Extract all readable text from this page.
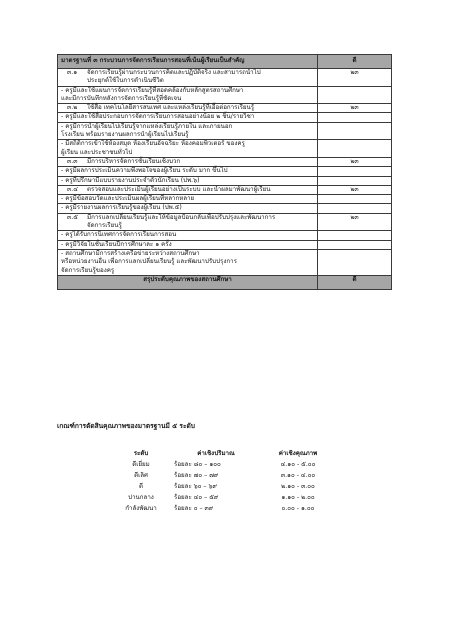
มาตรฐานที่ ๓ กระบวนการจัดการเรียนการสอนที่เน้นผู้เรียนเป็นสำคัญ	ดี

๓.๑ จัดการเรียนรู้ผ่านกระบวนการคิดและปฏิบัติจริง และสามารถนำไป
ประยุกต์ใช้ในการดำเนินชีวิต	๒๓

- ครูมีและใช้แผนการจัดการเรียนรู้ที่สอดคล้องกับหลักสูตรสถานศึกษา
และมีการบันทึกหลังการจัดการเรียนรู้ที่ชัดเจน	

๓.๒ ใช้สื่อ เทคโนโลยีสารสนเทศ และแหล่งเรียนรู้ที่เอื้อต่อการเรียนรู้	๒๓

- ครูมีและใช้สื่อประกอบการจัดการเรียนการสอนอย่างน้อย ๒ ชิ้น/รายวิชา	

- ครูมีการนำผู้เรียนไปเรียนรู้จากแหล่งเรียนรู้ภายใน และภายนอก
โรงเรียน พร้อมรายงานผลการนำผู้เรียนไปเรียนรู้	

- มีสถิติการเข้าใช้ห้องสมุด ห้องเรียนอัจฉริยะ ห้องคอมพิวเตอร์ ของครู
ผู้เรียน และประชาชนทั่วไป	

๓.๓ มีการบริหารจัดการชั้นเรียนเชิงบวก	๒๓

- ครูมีผลการประเมินความพึงพอใจของผู้เรียน ระดับ มาก ขึ้นไป	

- ครูที่ปรึกษามีแบบรายงานประจำตัวนักเรียน (ปพ.๖)	

๓.๔ ตรวจสอบและประเมินผู้เรียนอย่างเป็นระบบ และนำผลมาพัฒนาผู้เรียน	๒๓

- ครูมีข้อสอบวัดและประเมินผลผู้เรียนที่หลากหลาย	

- ครูมีรายงานผลการเรียนรู้ของผู้เรียน (ปพ.๕)	

๓.๕ มีการแลกเปลี่ยนเรียนรู้และให้ข้อมูลป้อนกลับเพื่อปรับปรุงและพัฒนาการ
จัดการเรียนรู้	๒๓

- ครูได้รับการนิเทศการจัดการเรียนการสอน	

- ครูมีวิจัยในชั้นเรียนปีการศึกษาละ ๑ ครั้ง	

- สถานศึกษามีการสร้างเครือข่ายระหว่างสถานศึกษา
หรือหน่วยงานอื่น เพื่อการแลกเปลี่ยนเรียนรู้ และพัฒนาปรับปรุงการ
จัดการเรียนรู้ของครู	

สรุประดับคุณภาพของสถานศึกษา	ดี
เกณฑ์การตัดสินคุณภาพของมาตรฐานมี ๕ ระดับ
ระดับ	ค่าเชิงปริมาณ	ค่าเชิงคุณภาพ
ดีเยี่ยม	ร้อยละ ๘๐ – ๑๐๐	๔.๑๐ - ๕.๐๐
ดีเลิศ	ร้อยละ ๗๐ – ๗๙	๓.๑๐ - ๔.๐๐
ดี	ร้อยละ ๖๐ – ๖๙	๒.๑๐ - ๓.๐๐
ปานกลาง	ร้อยละ ๔๐ – ๕๙	๑.๑๐ - ๒.๐๐
กำลังพัฒนา	ร้อยละ ๐ – ๓๙	๐.๐๐ - ๑.๐๐
